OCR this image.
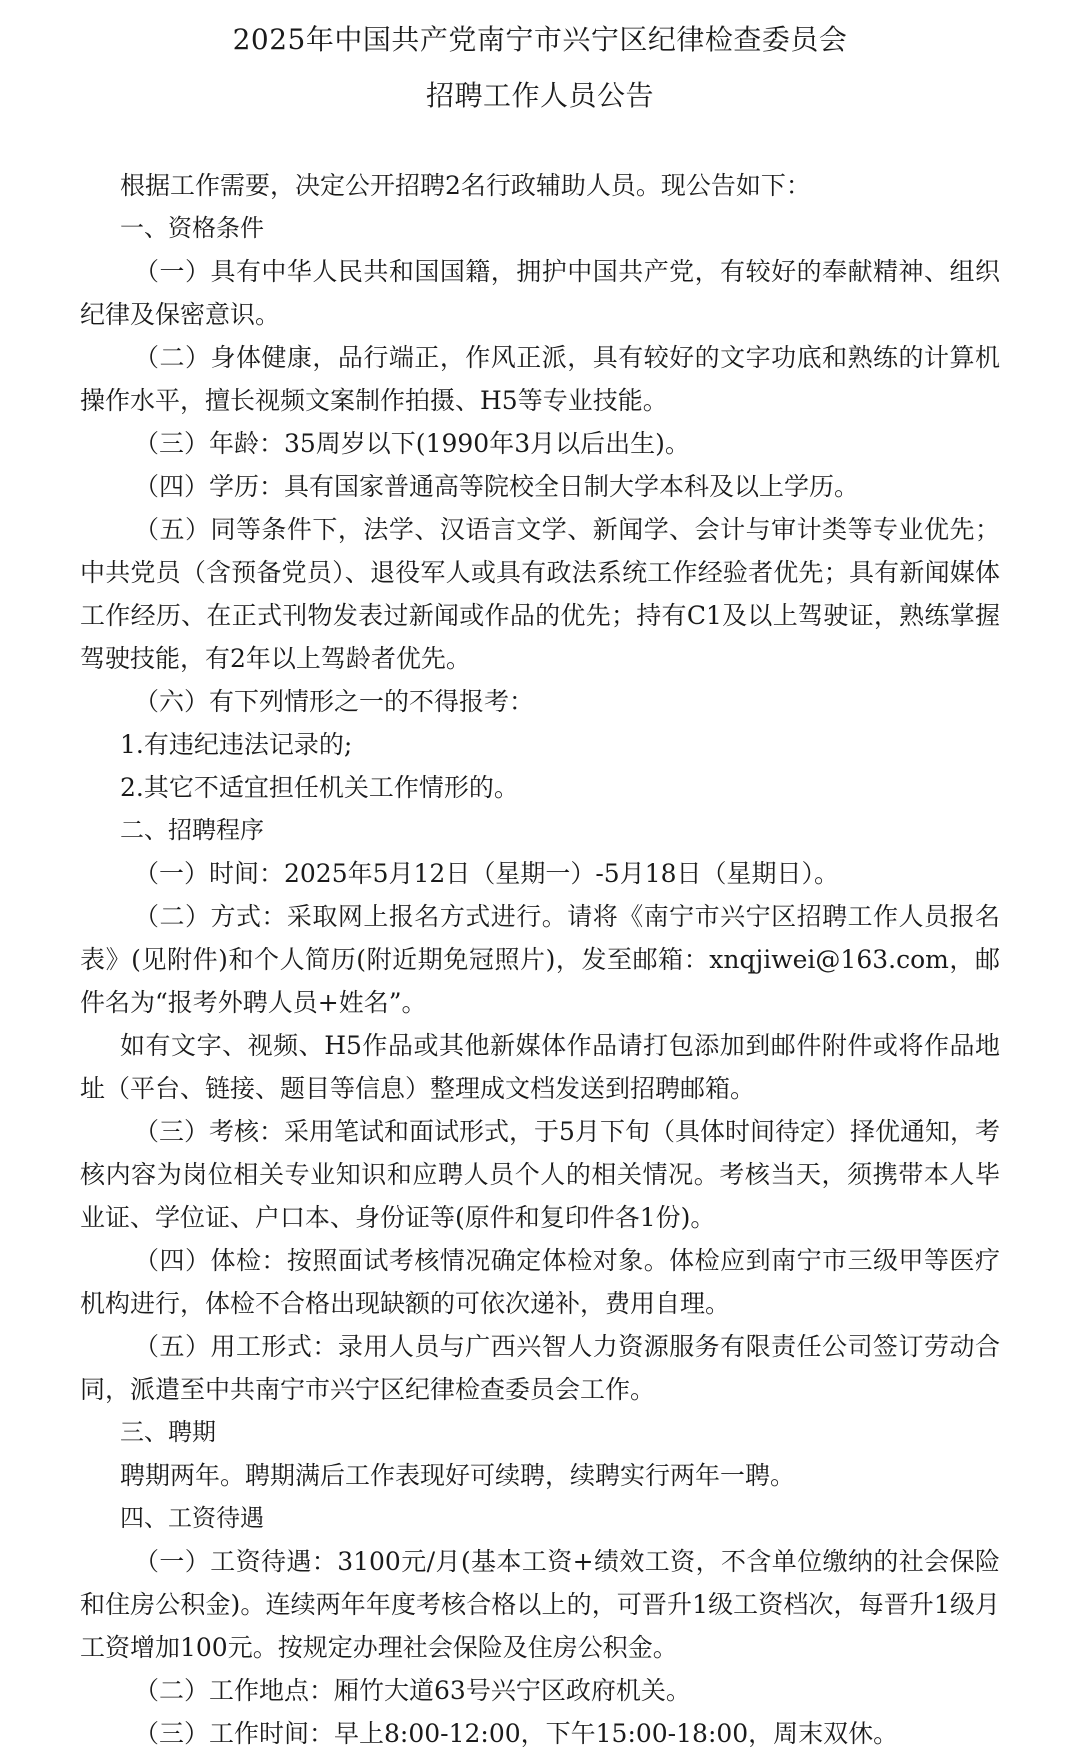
2025年中国共产党南宁市兴宁区纪律检查委员会
招聘工作人员公告

根据工作需要，决定公开招聘2名行政辅助人员。现公告如下：

一、资格条件

（一）具有中华人民共和国国籍，拥护中国共产党，有较好的奉献精神、组织纪律及保密意识。

（二）身体健康，品行端正，作风正派，具有较好的文字功底和熟练的计算机操作水平，擅长视频文案制作拍摄、H5等专业技能。

（三）年龄：35周岁以下(1990年3月以后出生)。

（四）学历：具有国家普通高等院校全日制大学本科及以上学历。

（五）同等条件下，法学、汉语言文学、新闻学、会计与审计类等专业优先；中共党员（含预备党员）、退役军人或具有政法系统工作经验者优先；具有新闻媒体工作经历、在正式刊物发表过新闻或作品的优先；持有C1及以上驾驶证，熟练掌握驾驶技能，有2年以上驾龄者优先。

（六）有下列情形之一的不得报考：

1.有违纪违法记录的;

2.其它不适宜担任机关工作情形的。

二、招聘程序

（一）时间：2025年5月12日（星期一）-5月18日（星期日）。

（二）方式：采取网上报名方式进行。请将《南宁市兴宁区招聘工作人员报名表》(见附件)和个人简历(附近期免冠照片)，发至邮箱：xnqjiwei@163.com，邮件名为“报考外聘人员+姓名”。

如有文字、视频、H5作品或其他新媒体作品请打包添加到邮件附件或将作品地址（平台、链接、题目等信息）整理成文档发送到招聘邮箱。

（三）考核：采用笔试和面试形式，于5月下旬（具体时间待定）择优通知，考核内容为岗位相关专业知识和应聘人员个人的相关情况。考核当天，须携带本人毕业证、学位证、户口本、身份证等(原件和复印件各1份)。

（四）体检：按照面试考核情况确定体检对象。体检应到南宁市三级甲等医疗机构进行，体检不合格出现缺额的可依次递补，费用自理。

（五）用工形式：录用人员与广西兴智人力资源服务有限责任公司签订劳动合同，派遣至中共南宁市兴宁区纪律检查委员会工作。

三、聘期

聘期两年。聘期满后工作表现好可续聘，续聘实行两年一聘。

四、工资待遇

（一）工资待遇：3100元/月(基本工资+绩效工资，不含单位缴纳的社会保险和住房公积金)。连续两年年度考核合格以上的，可晋升1级工资档次，每晋升1级月工资增加100元。按规定办理社会保险及住房公积金。

（二）工作地点：厢竹大道63号兴宁区政府机关。

（三）工作时间：早上8:00-12:00，下午15:00-18:00，周末双休。
